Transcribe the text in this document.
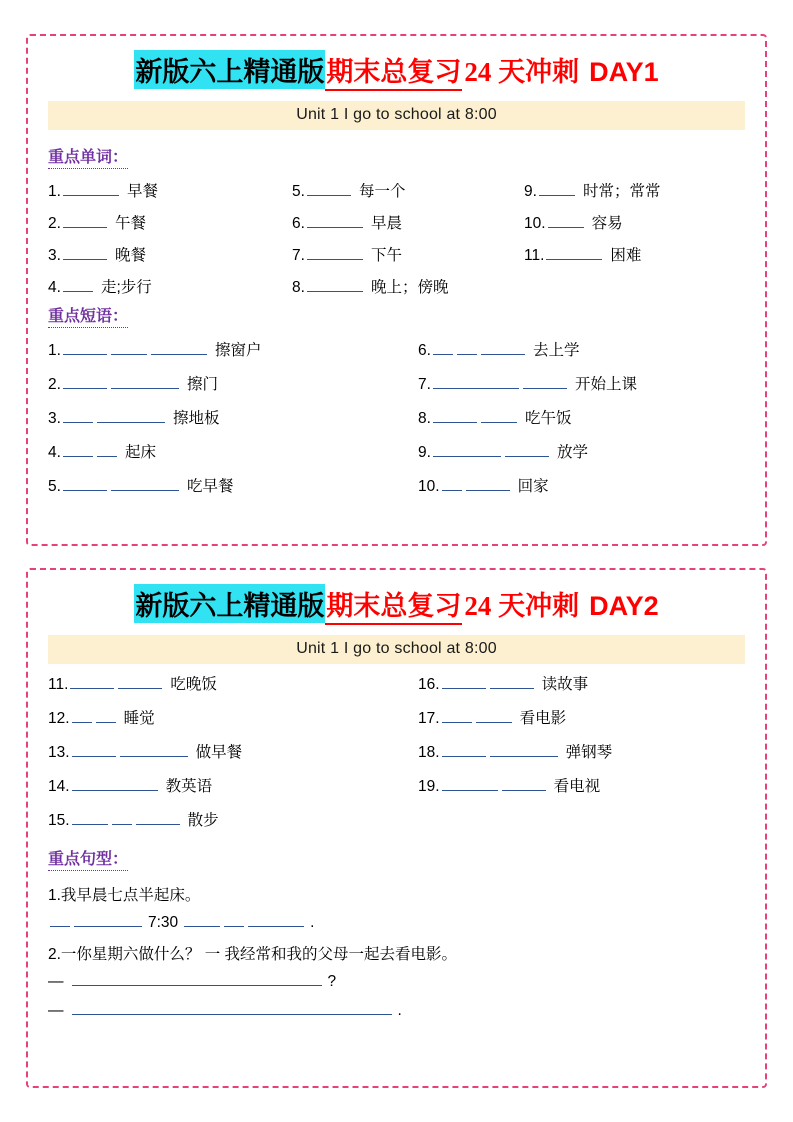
新版六上精通版 期末总复习 24 天冲刺 DAY1
Unit 1 I go to school at 8:00
重点单词：
1.	早餐	5.	每一个	9.	时常；常常
2.	午餐	6.	早晨	10.	容易
3.	晚餐	7.	下午	11.	困难
4.	走;步行	8.	晚上；傍晚
重点短语：
1.	擦窗户	6.	去上学
2.	擦门	7.	开始上课
3.	擦地板	8.	吃午饭
4.	起床	9.	放学
5.	吃早餐	10.	回家
新版六上精通版 期末总复习 24 天冲刺 DAY2
Unit 1 I go to school at 8:00
11.	吃晚饭	16.	读故事
12.	睡觉	17.	看电影
13.	做早餐	18.	弹钢琴
14.	教英语	19.	看电视
15.	散步
重点句型：
1.我早晨七点半起床。
7:30	.
2.一你星期六做什么？ 一 我经常和我的父母一起去看电影。
—	?
—	.
